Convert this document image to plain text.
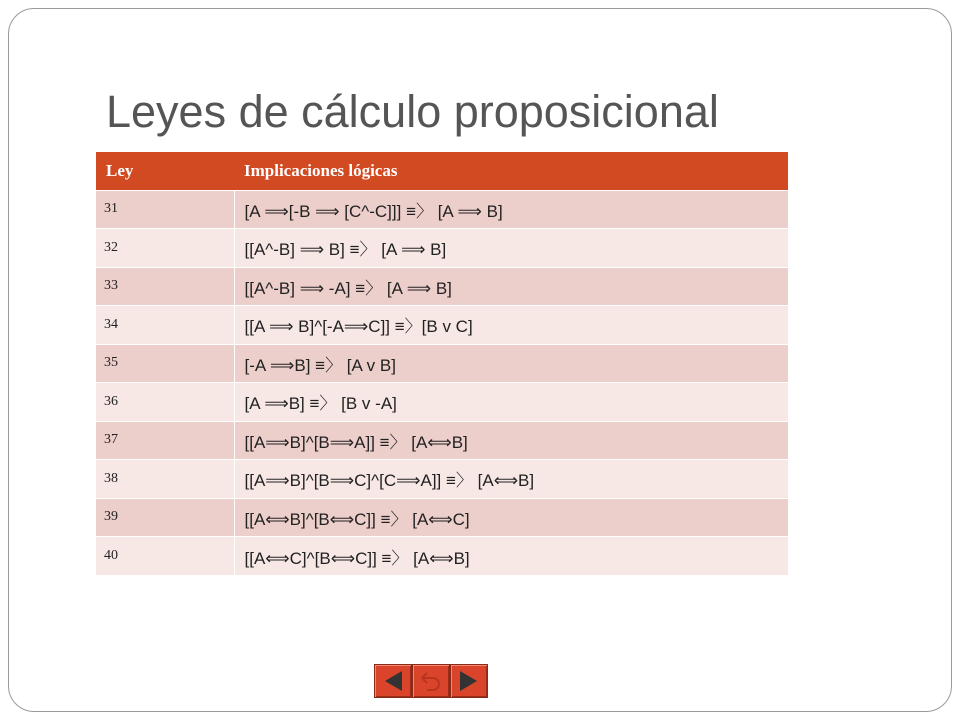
Leyes de cálculo proposicional
Ley	Implicaciones lógicas
31	[A ⟹[-B ⟹ [C^-C]]] ≡〉 [A ⟹ B]
32	[[A^-B] ⟹ B] ≡〉 [A ⟹ B]
33	[[A^-B] ⟹ -A] ≡〉 [A ⟹ B]
34	[[A ⟹ B]^[-A⟹C]] ≡〉[B v C]
35	[-A ⟹B] ≡〉 [A v B]
36	[A ⟹B] ≡〉 [B v -A]
37	[[A⟹B]^[B⟹A]] ≡〉 [A⟺B]
38	[[A⟹B]^[B⟹C]^[C⟹A]] ≡〉 [A⟺B]
39	[[A⟺B]^[B⟺C]] ≡〉 [A⟺C]
40	[[A⟺C]^[B⟺C]] ≡〉 [A⟺B]
